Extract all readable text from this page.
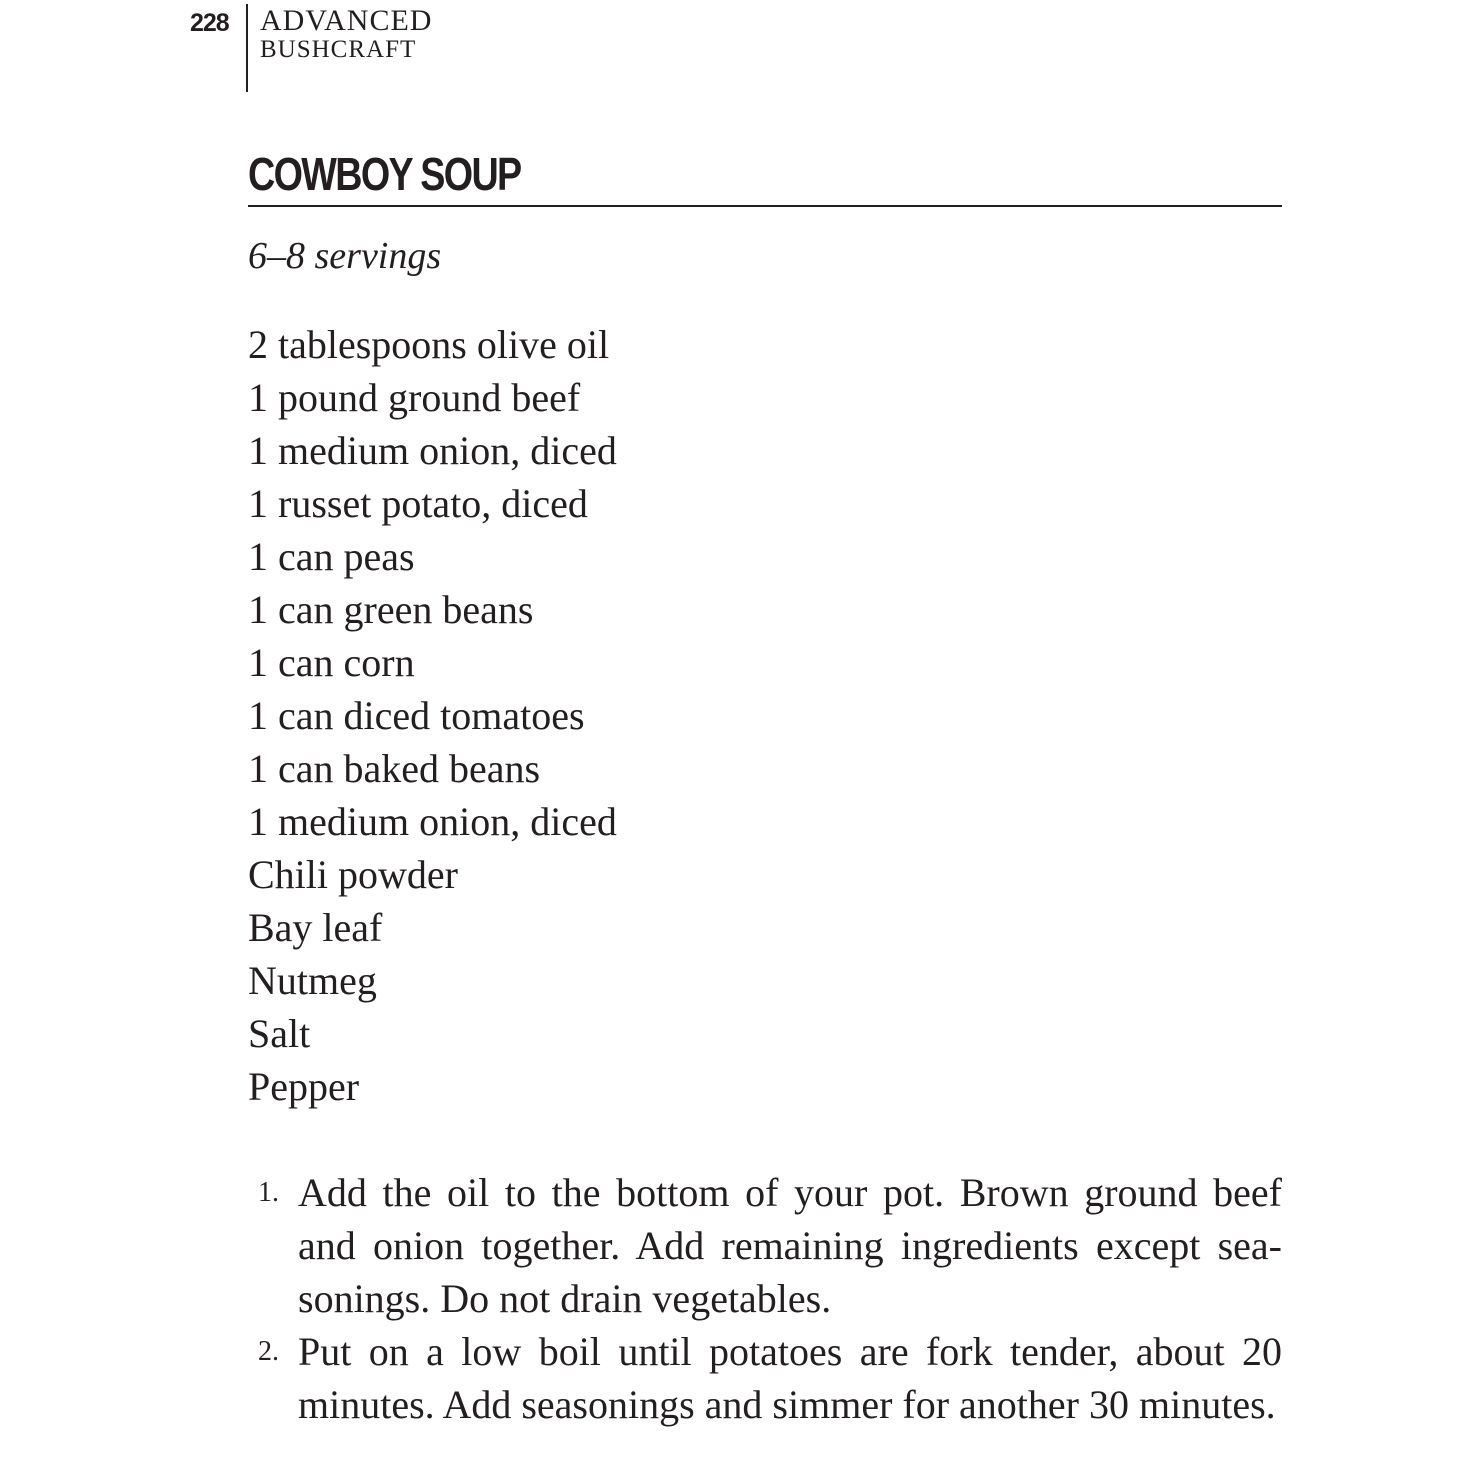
228 ADVANCED
BUSHCRAFT
COWBOY SOUP
6–8 servings
2 tablespoons olive oil
1 pound ground beef
1 medium onion, diced
1 russet potato, diced
1 can peas
1 can green beans
1 can corn
1 can diced tomatoes
1 can baked beans
1 medium onion, diced
Chili powder
Bay leaf
Nutmeg
Salt
Pepper
1. Add the oil to the bottom of your pot. Brown ground beef and onion together. Add remaining ingredients except sea-sonings. Do not drain vegetables.
2. Put on a low boil until potatoes are fork tender, about 20 minutes. Add seasonings and simmer for another 30 minutes.
